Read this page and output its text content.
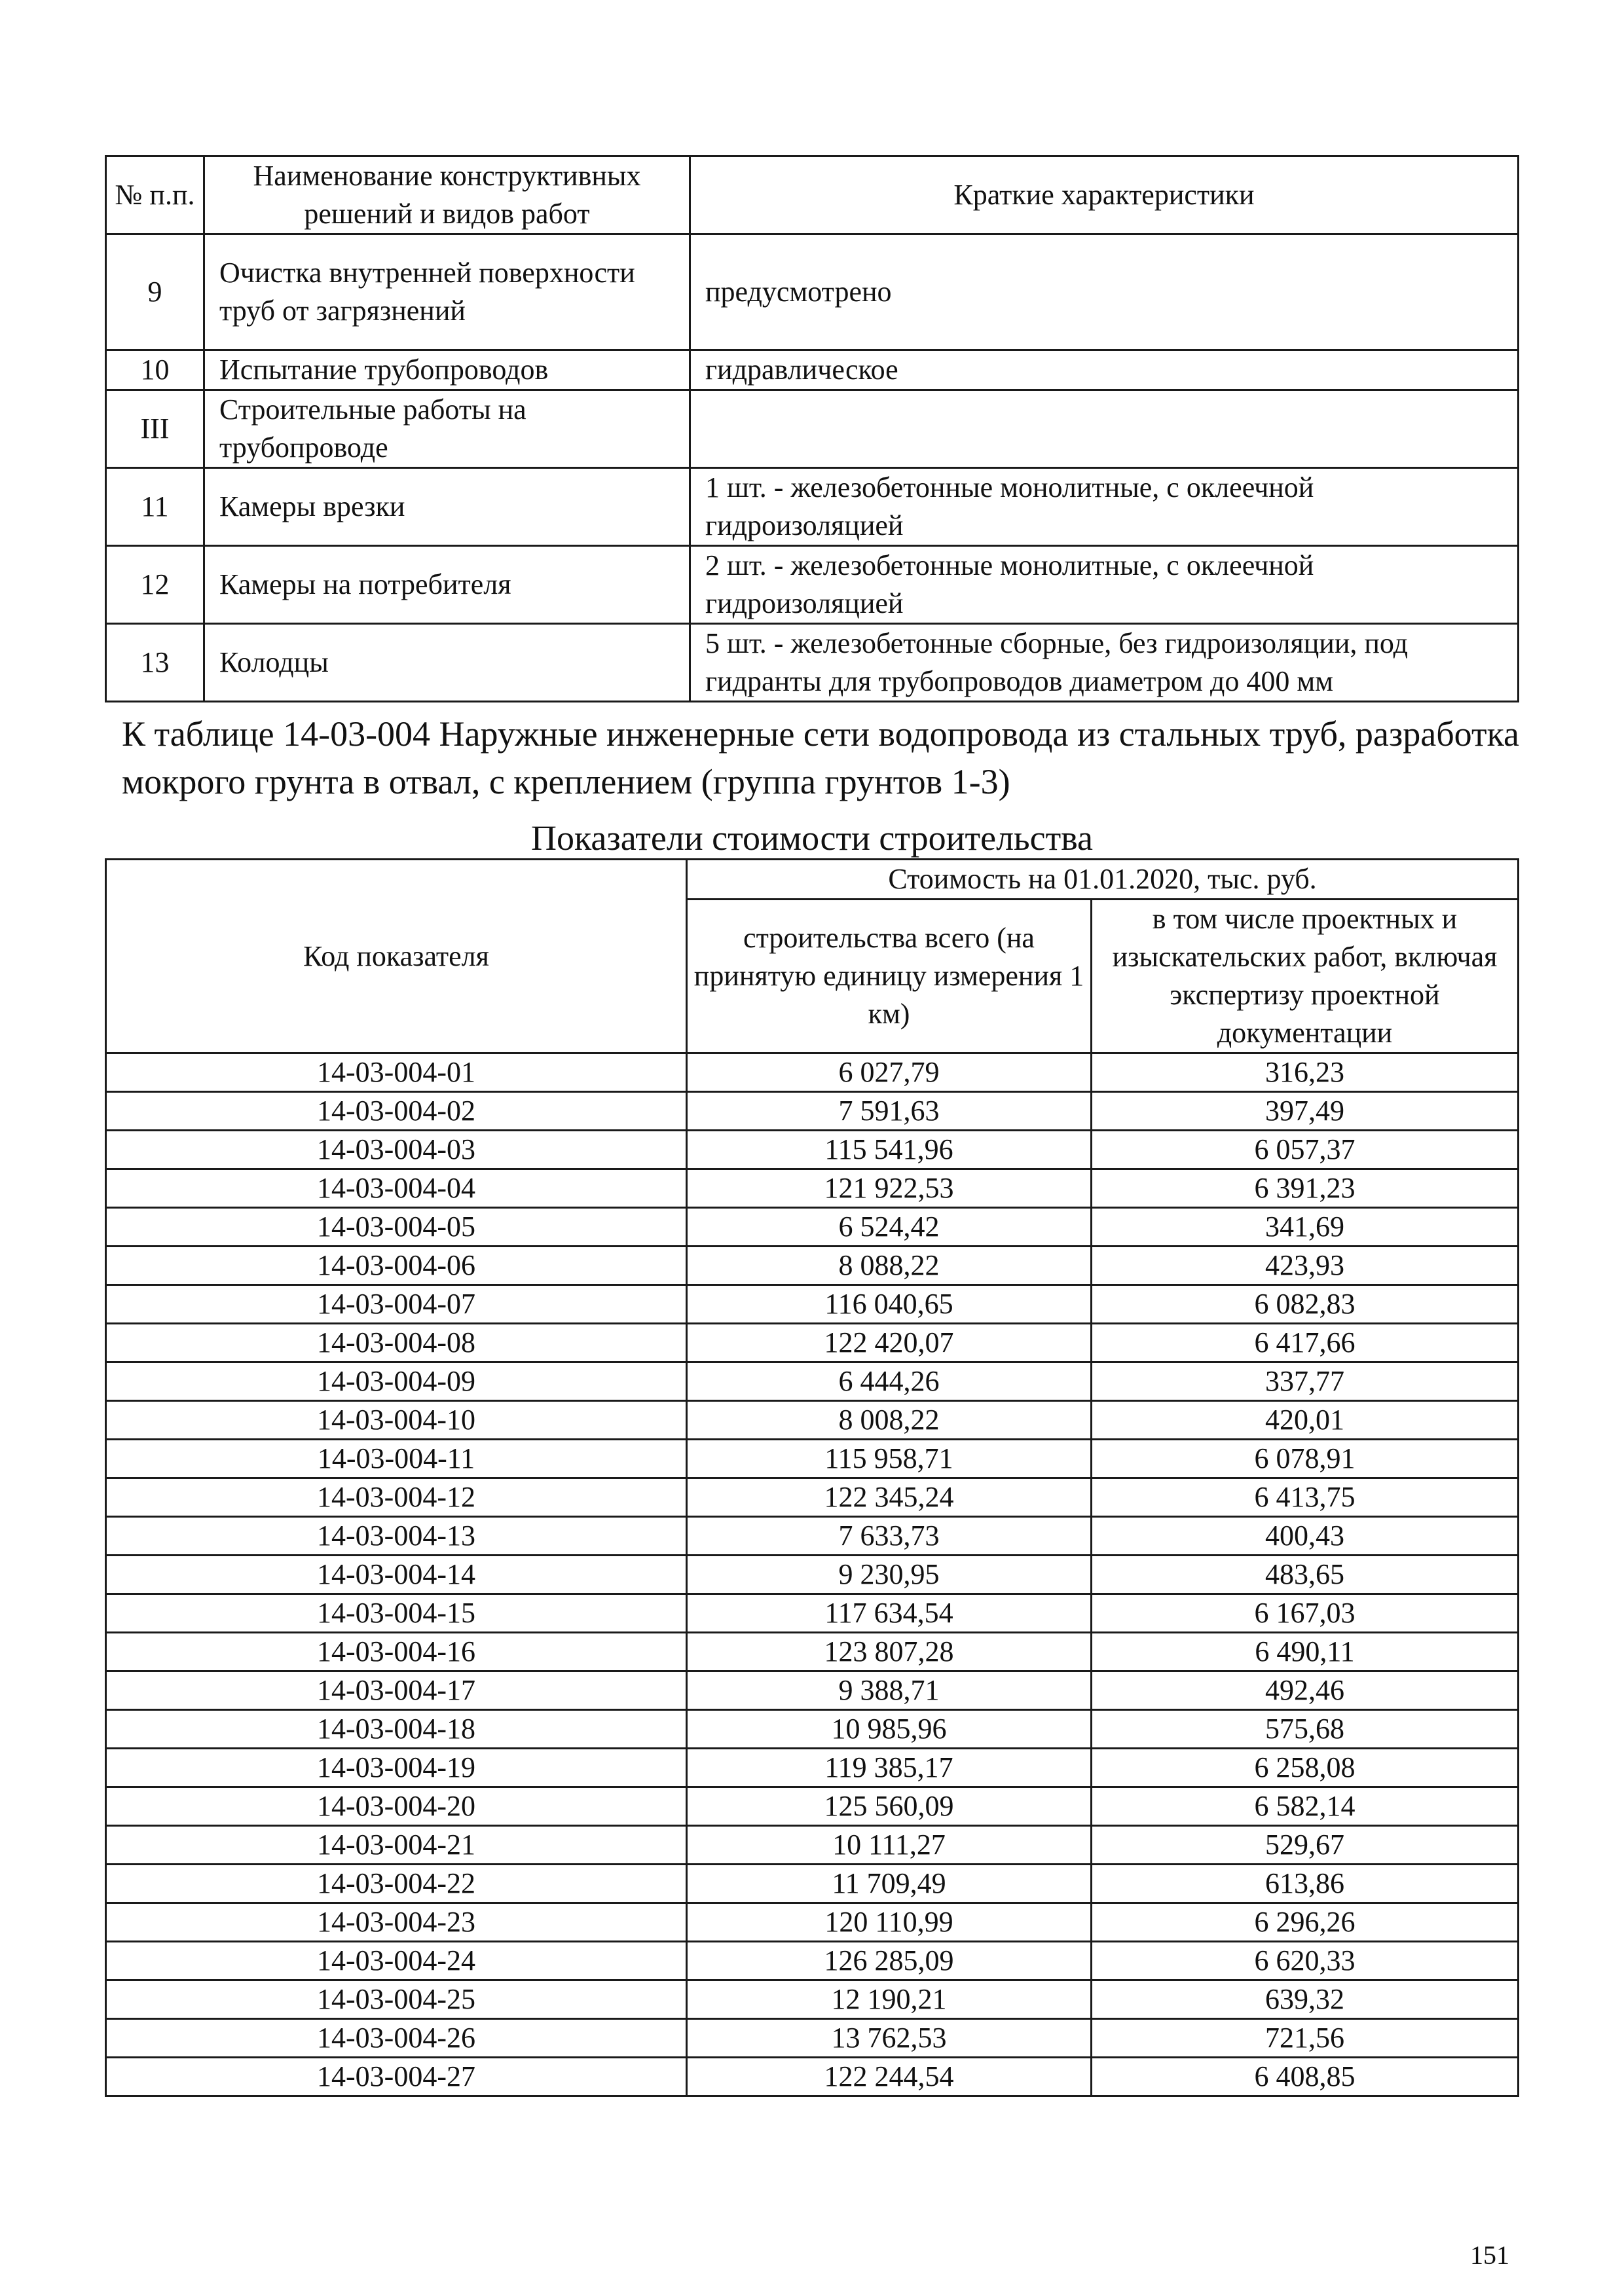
№ п.п.	Наименование конструктивных решений и видов работ	Краткие характеристики
9	Очистка внутренней поверхности труб от загрязнений	предусмотрено
10	Испытание трубопроводов	гидравлическое
III	Строительные работы на трубопроводе	
11	Камеры врезки	1 шт. - железобетонные монолитные, с оклеечной гидроизоляцией
12	Камеры на потребителя	2 шт. - железобетонные монолитные, с оклеечной гидроизоляцией
13	Колодцы	5 шт. - железобетонные сборные, без гидроизоляции, под гидранты для трубопроводов диаметром до 400 мм
К таблице 14-03-004 Наружные инженерные сети водопровода из стальных труб, разработка мокрого грунта в отвал, с креплением (группа грунтов 1-3)
Показатели стоимости строительства
Код показателя	Стоимость на 01.01.2020, тыс. руб.	
	строительства всего (на принятую единицу измерения 1 км)	в том числе проектных и изыскательских работ, включая экспертизу проектной документации
14-03-004-01	6 027,79	316,23
14-03-004-02	7 591,63	397,49
14-03-004-03	115 541,96	6 057,37
14-03-004-04	121 922,53	6 391,23
14-03-004-05	6 524,42	341,69
14-03-004-06	8 088,22	423,93
14-03-004-07	116 040,65	6 082,83
14-03-004-08	122 420,07	6 417,66
14-03-004-09	6 444,26	337,77
14-03-004-10	8 008,22	420,01
14-03-004-11	115 958,71	6 078,91
14-03-004-12	122 345,24	6 413,75
14-03-004-13	7 633,73	400,43
14-03-004-14	9 230,95	483,65
14-03-004-15	117 634,54	6 167,03
14-03-004-16	123 807,28	6 490,11
14-03-004-17	9 388,71	492,46
14-03-004-18	10 985,96	575,68
14-03-004-19	119 385,17	6 258,08
14-03-004-20	125 560,09	6 582,14
14-03-004-21	10 111,27	529,67
14-03-004-22	11 709,49	613,86
14-03-004-23	120 110,99	6 296,26
14-03-004-24	126 285,09	6 620,33
14-03-004-25	12 190,21	639,32
14-03-004-26	13 762,53	721,56
14-03-004-27	122 244,54	6 408,85
151
